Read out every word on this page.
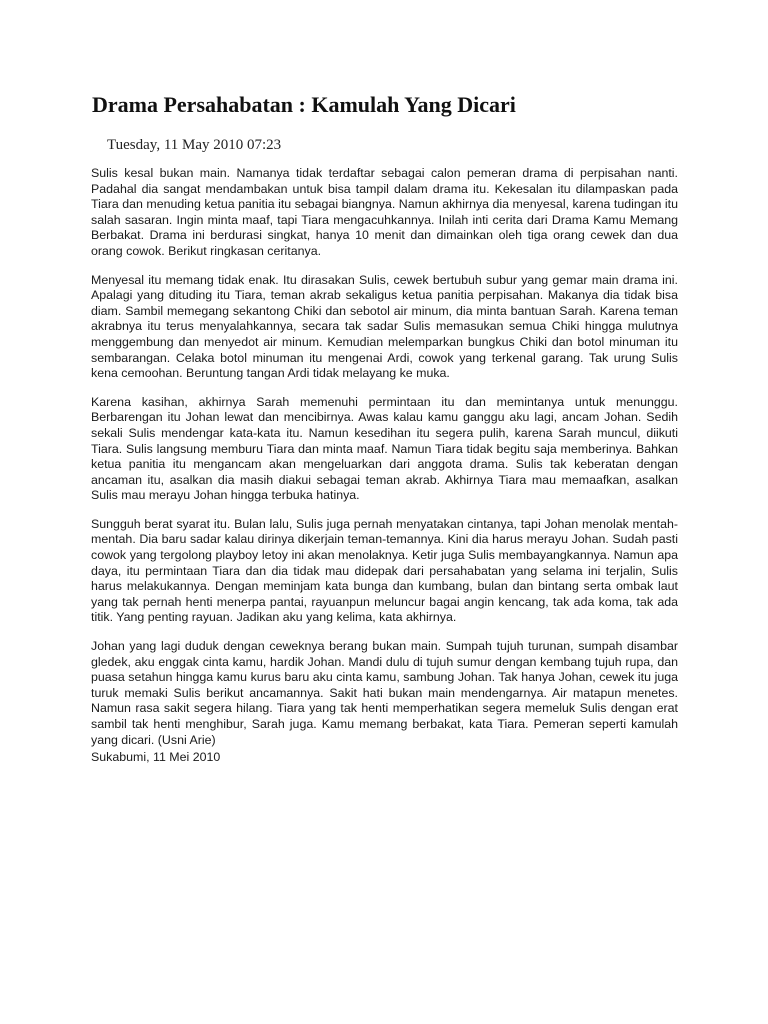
Drama Persahabatan : Kamulah Yang Dicari
Tuesday, 11 May 2010 07:23

Sulis kesal bukan main. Namanya tidak terdaftar sebagai calon pemeran drama di perpisahan nanti. Padahal dia sangat mendambakan untuk bisa tampil dalam drama itu. Kekesalan itu dilampaskan pada Tiara dan menuding ketua panitia itu sebagai biangnya. Namun akhirnya dia menyesal, karena tudingan itu salah sasaran. Ingin minta maaf, tapi Tiara mengacuhkannya. Inilah inti cerita dari Drama Kamu Memang Berbakat. Drama ini berdurasi singkat, hanya 10 menit dan dimainkan oleh tiga orang cewek dan dua orang cowok. Berikut ringkasan ceritanya.

Menyesal itu memang tidak enak. Itu dirasakan Sulis, cewek bertubuh subur yang gemar main drama ini. Apalagi yang dituding itu Tiara, teman akrab sekaligus ketua panitia perpisahan. Makanya dia tidak bisa diam. Sambil memegang sekantong Chiki dan sebotol air minum, dia minta bantuan Sarah. Karena teman akrabnya itu terus menyalahkannya, secara tak sadar Sulis memasukan semua Chiki hingga mulutnya menggembung dan menyedot air minum. Kemudian melemparkan bungkus Chiki dan botol minuman itu sembarangan. Celaka botol minuman itu mengenai Ardi, cowok yang terkenal garang. Tak urung Sulis kena cemoohan. Beruntung tangan Ardi tidak melayang ke muka.

Karena kasihan, akhirnya Sarah memenuhi permintaan itu dan memintanya untuk menunggu. Berbarengan itu Johan lewat dan mencibirnya. Awas kalau kamu ganggu aku lagi, ancam Johan. Sedih sekali Sulis mendengar kata-kata itu. Namun kesedihan itu segera pulih, karena Sarah muncul, diikuti Tiara. Sulis langsung memburu Tiara dan minta maaf. Namun Tiara tidak begitu saja memberinya. Bahkan ketua panitia itu mengancam akan mengeluarkan dari anggota drama. Sulis tak keberatan dengan ancaman itu, asalkan dia masih diakui sebagai teman akrab. Akhirnya Tiara mau memaafkan, asalkan Sulis mau merayu Johan hingga terbuka hatinya.

Sungguh berat syarat itu. Bulan lalu, Sulis juga pernah menyatakan cintanya, tapi Johan menolak mentah-mentah. Dia baru sadar kalau dirinya dikerjain teman-temannya. Kini dia harus merayu Johan. Sudah pasti cowok yang tergolong playboy letoy ini akan menolaknya. Ketir juga Sulis membayangkannya. Namun apa daya, itu permintaan Tiara dan dia tidak mau didepak dari persahabatan yang selama ini terjalin, Sulis harus melakukannya. Dengan meminjam kata bunga dan kumbang, bulan dan bintang serta ombak laut yang tak pernah henti menerpa pantai, rayuanpun meluncur bagai angin kencang, tak ada koma, tak ada titik. Yang penting rayuan. Jadikan aku yang kelima, kata akhirnya.

Johan yang lagi duduk dengan ceweknya berang bukan main. Sumpah tujuh turunan, sumpah disambar gledek, aku enggak cinta kamu, hardik Johan. Mandi dulu di tujuh sumur dengan kembang tujuh rupa, dan puasa setahun hingga kamu kurus baru aku cinta kamu, sambung Johan. Tak hanya Johan, cewek itu juga turuk memaki Sulis berikut ancamannya. Sakit hati bukan main mendengarnya. Air matapun menetes. Namun rasa sakit segera hilang. Tiara yang tak henti memperhatikan segera memeluk Sulis dengan erat sambil tak henti menghibur, Sarah juga. Kamu memang berbakat, kata Tiara. Pemeran seperti kamulah yang dicari. (Usni Arie)

Sukabumi, 11 Mei 2010
